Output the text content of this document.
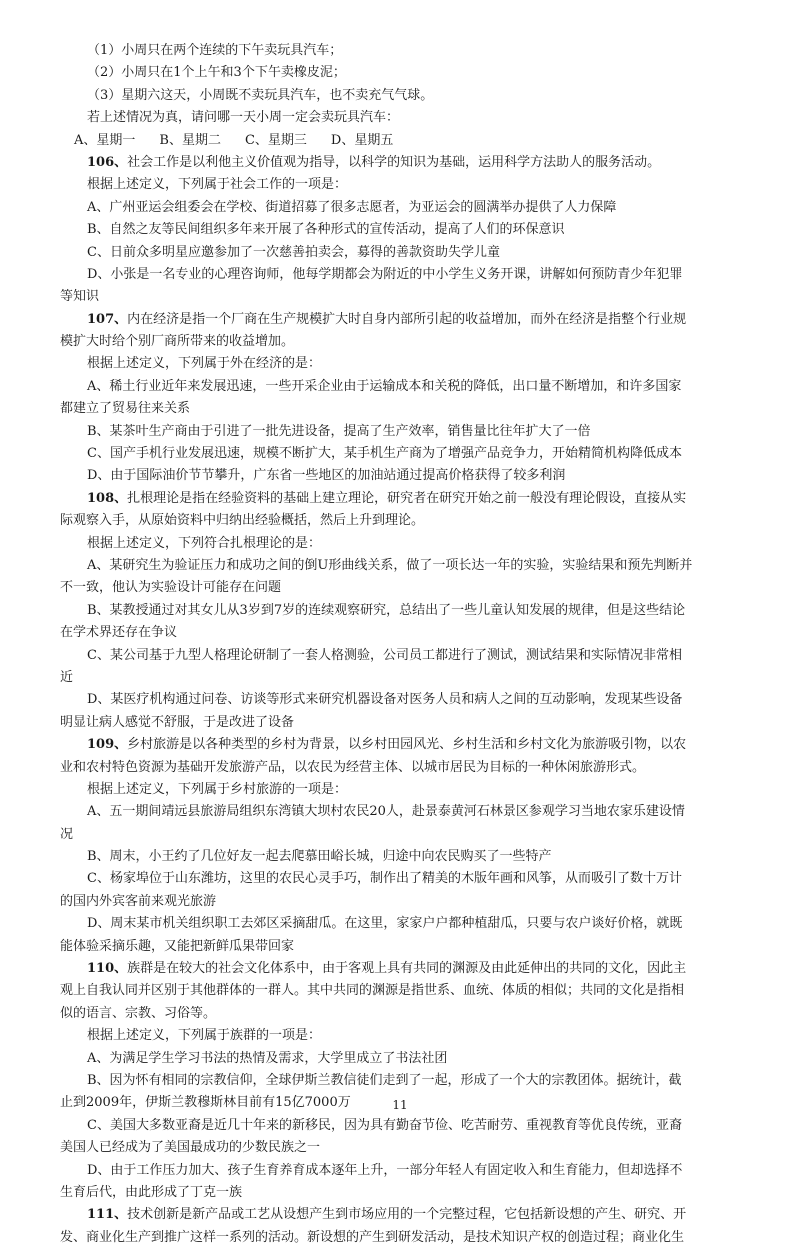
（1）小周只在两个连续的下午卖玩具汽车；
（2）小周只在1个上午和3个下午卖橡皮泥；
（3）星期六这天，小周既不卖玩具汽车，也不卖充气气球。
若上述情况为真，请问哪一天小周一定会卖玩具汽车：
A、星期一 B、星期二 C、星期三 D、星期五
106、社会工作是以利他主义价值观为指导，以科学的知识为基础，运用科学方法助人的服务活动。
根据上述定义，下列属于社会工作的一项是：
A、广州亚运会组委会在学校、街道招募了很多志愿者，为亚运会的圆满举办提供了人力保障
B、自然之友等民间组织多年来开展了各种形式的宣传活动，提高了人们的环保意识
C、日前众多明星应邀参加了一次慈善拍卖会，募得的善款资助失学儿童
D、小张是一名专业的心理咨询师，他每学期都会为附近的中小学生义务开课，讲解如何预防青少年犯罪
等知识
107、内在经济是指一个厂商在生产规模扩大时自身内部所引起的收益增加，而外在经济是指整个行业规
模扩大时给个别厂商所带来的收益增加。
根据上述定义，下列属于外在经济的是：
A、稀土行业近年来发展迅速，一些开采企业由于运输成本和关税的降低，出口量不断增加，和许多国家
都建立了贸易往来关系
B、某茶叶生产商由于引进了一批先进设备，提高了生产效率，销售量比往年扩大了一倍
C、国产手机行业发展迅速，规模不断扩大，某手机生产商为了增强产品竞争力，开始精简机构降低成本
D、由于国际油价节节攀升，广东省一些地区的加油站通过提高价格获得了较多利润
108、扎根理论是指在经验资料的基础上建立理论，研究者在研究开始之前一般没有理论假设，直接从实
际观察入手，从原始资料中归纳出经验概括，然后上升到理论。
根据上述定义，下列符合扎根理论的是：
A、某研究生为验证压力和成功之间的倒U形曲线关系，做了一项长达一年的实验，实验结果和预先判断并
不一致，他认为实验设计可能存在问题
B、某教授通过对其女儿从3岁到7岁的连续观察研究，总结出了一些儿童认知发展的规律，但是这些结论
在学术界还存在争议
C、某公司基于九型人格理论研制了一套人格测验，公司员工都进行了测试，测试结果和实际情况非常相
近
D、某医疗机构通过问卷、访谈等形式来研究机器设备对医务人员和病人之间的互动影响，发现某些设备
明显让病人感觉不舒服，于是改进了设备
109、乡村旅游是以各种类型的乡村为背景，以乡村田园风光、乡村生活和乡村文化为旅游吸引物，以农
业和农村特色资源为基础开发旅游产品，以农民为经营主体、以城市居民为目标的一种休闲旅游形式。
根据上述定义，下列属于乡村旅游的一项是：
A、五一期间靖远县旅游局组织东湾镇大坝村农民20人，赴景泰黄河石林景区参观学习当地农家乐建设情
况
B、周末，小王约了几位好友一起去爬慕田峪长城，归途中向农民购买了一些特产
C、杨家埠位于山东潍坊，这里的农民心灵手巧，制作出了精美的木版年画和风筝，从而吸引了数十万计
的国内外宾客前来观光旅游
D、周末某市机关组织职工去郊区采摘甜瓜。在这里，家家户户都种植甜瓜，只要与农户谈好价格，就既
能体验采摘乐趣，又能把新鲜瓜果带回家
110、族群是在较大的社会文化体系中，由于客观上具有共同的渊源及由此延伸出的共同的文化，因此主
观上自我认同并区别于其他群体的一群人。其中共同的渊源是指世系、血统、体质的相似；共同的文化是指相
似的语言、宗教、习俗等。
根据上述定义，下列属于族群的一项是：
A、为满足学生学习书法的热情及需求，大学里成立了书法社团
B、因为怀有相同的宗教信仰，全球伊斯兰教信徒们走到了一起，形成了一个大的宗教团体。据统计，截
止到2009年，伊斯兰教穆斯林目前有15亿7000万
C、美国大多数亚裔是近几十年来的新移民，因为具有勤奋节俭、吃苦耐劳、重视教育等优良传统，亚裔
美国人已经成为了美国最成功的少数民族之一
D、由于工作压力加大、孩子生育养育成本逐年上升，一部分年轻人有固定收入和生育能力，但却选择不
生育后代，由此形成了丁克一族
111、技术创新是新产品或工艺从设想产生到市场应用的一个完整过程，它包括新设想的产生、研究、开
发、商业化生产到推广这样一系列的活动。新设想的产生到研发活动，是技术知识产权的创造过程；商业化生
11
